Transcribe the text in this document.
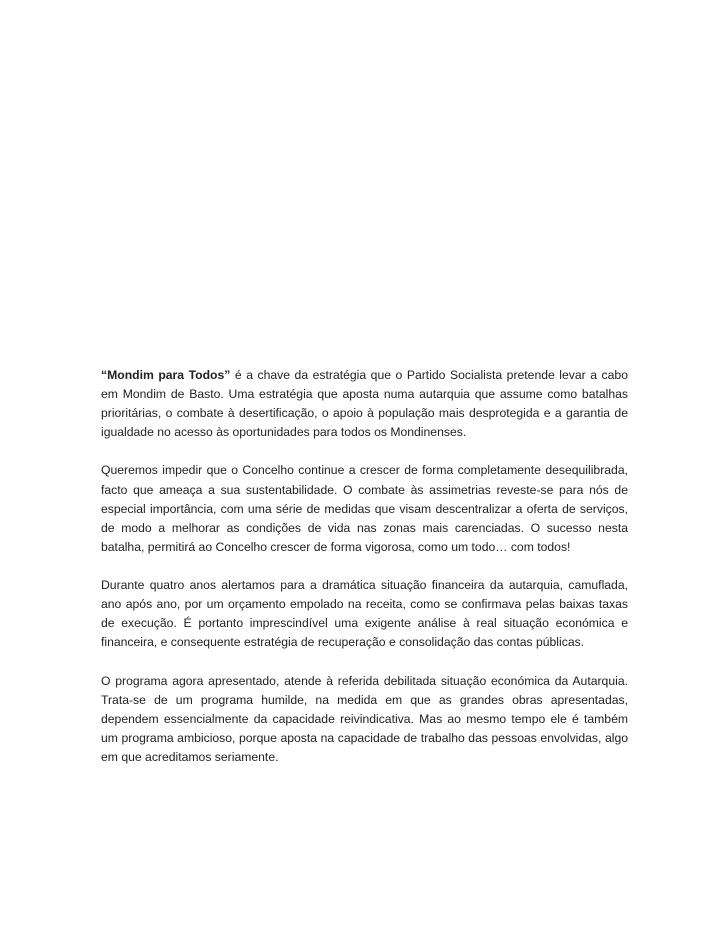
“Mondim para Todos” é a chave da estratégia que o Partido Socialista pretende levar a cabo em Mondim de Basto. Uma estratégia que aposta numa autarquia que assume como batalhas prioritárias, o combate à desertificação, o apoio à população mais desprotegida e a garantia de igualdade no acesso às oportunidades para todos os Mondinenses.

Queremos impedir que o Concelho continue a crescer de forma completamente desequilibrada, facto que ameaça a sua sustentabilidade. O combate às assimetrias reveste-se para nós de especial importância, com uma série de medidas que visam descentralizar a oferta de serviços, de modo a melhorar as condições de vida nas zonas mais carenciadas. O sucesso nesta batalha, permitirá ao Concelho crescer de forma vigorosa, como um todo… com todos!

Durante quatro anos alertamos para a dramática situação financeira da autarquia, camuflada, ano após ano, por um orçamento empolado na receita, como se confirmava pelas baixas taxas de execução. É portanto imprescindível uma exigente análise à real situação económica e financeira, e consequente estratégia de recuperação e consolidação das contas públicas.

O programa agora apresentado, atende à referida debilitada situação económica da Autarquia. Trata-se de um programa humilde, na medida em que as grandes obras apresentadas, dependem essencialmente da capacidade reivindicativa. Mas ao mesmo tempo ele é também um programa ambicioso, porque aposta na capacidade de trabalho das pessoas envolvidas, algo em que acreditamos seriamente.
